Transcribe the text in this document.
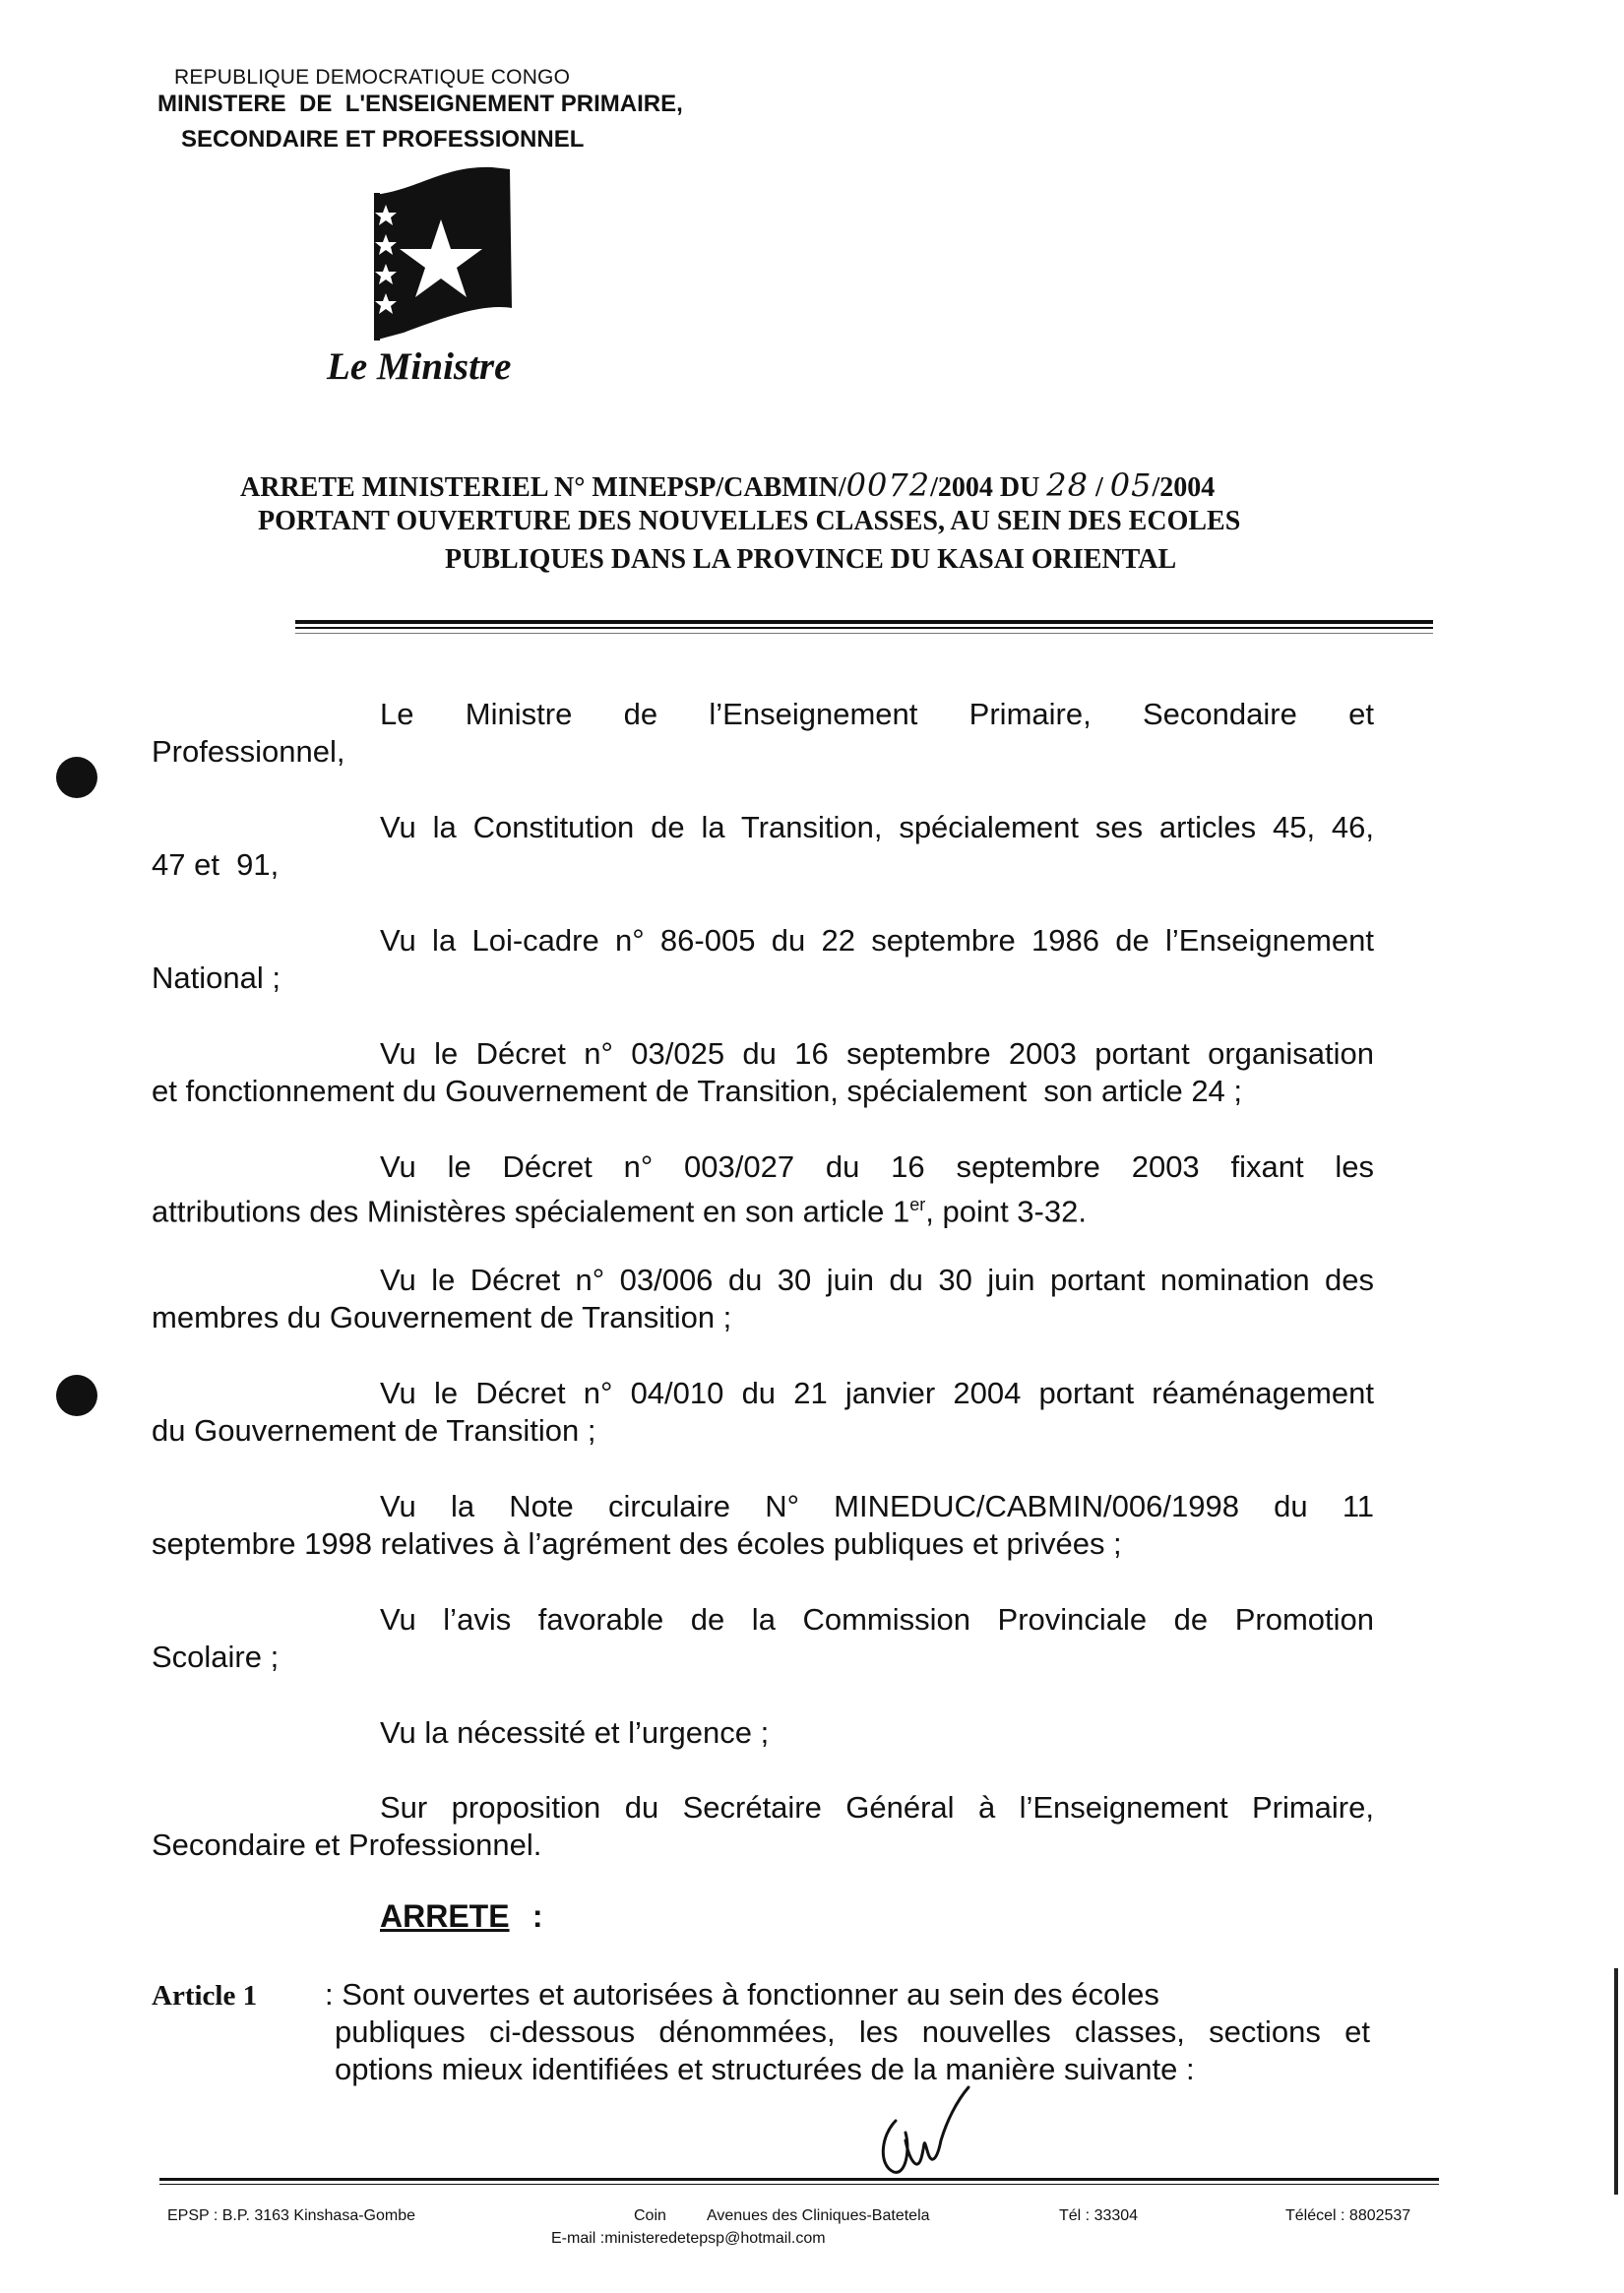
REPUBLIQUE DEMOCRATIQUE CONGO
MINISTERE  DE  L'ENSEIGNEMENT PRIMAIRE,
SECONDAIRE ET PROFESSIONNEL
Le Ministre
ARRETE MINISTERIEL N° MINEPSP/CABMIN/0072/2004 DU 28 / 05/2004
PORTANT OUVERTURE DES NOUVELLES CLASSES, AU SEIN DES ECOLES
PUBLIQUES DANS LA PROVINCE DU KASAI ORIENTAL
Le   Ministre   de   l’Enseignement   Primaire,   Secondaire   et
Professionnel,
Vu la Constitution de la Transition, spécialement ses articles 45, 46,
47 et  91,
Vu la Loi-cadre n° 86-005 du 22 septembre 1986 de l’Enseignement
National ;
Vu le Décret n° 03/025 du 16 septembre 2003 portant organisation
et fonctionnement du Gouvernement de Transition, spécialement  son article 24 ;
Vu  le  Décret  n°  003/027  du  16  septembre  2003  fixant  les
attributions des Ministères spécialement en son article 1er, point 3-32.
Vu le Décret n° 03/006 du 30 juin du 30 juin portant nomination des
membres du Gouvernement de Transition ;
Vu le Décret n° 04/010 du 21 janvier 2004 portant réaménagement
du Gouvernement de Transition ;
Vu  la  Note  circulaire  N°  MINEDUC/CABMIN/006/1998  du  11
septembre 1998 relatives à l’agrément des écoles publiques et privées ;
Vu  l’avis  favorable  de  la  Commission  Provinciale  de  Promotion
Scolaire ;
Vu la nécessité et l’urgence ;
Sur proposition du Secrétaire Général à l’Enseignement Primaire,
Secondaire et Professionnel.
ARRETE :
Article 1 : Sont ouvertes et autorisées à fonctionner au sein des écoles
publiques ci-dessous dénommées, les nouvelles classes, sections et
options mieux identifiées et structurées de la manière suivante :
EPSP : B.P. 3163 Kinshasa-Gombe	Coin	Avenues des Cliniques-Batetela	Tél : 33304	Télécel : 8802537
E-mail :ministeredetepsp@hotmail.com
